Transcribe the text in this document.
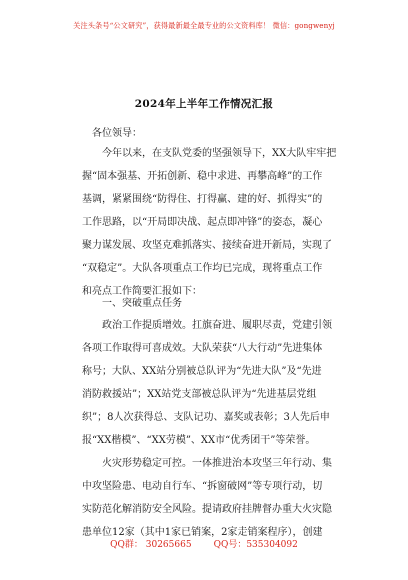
关注头条号“公文研究”，获得最新最全最专业的公文资料库！ 微信：gongwenyj
2024年上半年工作情况汇报
各位领导：
今年以来，在支队党委的坚强领导下，XX大队牢牢把
握“固本强基、开拓创新、稳中求进、再攀高峰”的工作
基调，紧紧围绕“防得住、打得赢、建的好、抓得实”的
工作思路，以“开局即决战、起点即冲锋”的姿态，凝心
聚力谋发展、攻坚克难抓落实、接续奋进开新局，实现了
“双稳定”。大队各项重点工作均已完成，现将重点工作
和亮点工作简要汇报如下：
一、突破重点任务
政治工作提质增效。扛旗奋进、履职尽责，党建引领
各项工作取得可喜成效。大队荣获“八大行动”先进集体
称号；大队、XX站分别被总队评为“先进大队”及“先进
消防救援站”；XX站党支部被总队评为“先进基层党组
织”；8人次获得总、支队记功、嘉奖或表彰；3人先后申
报“XX楷模”、“XX劳模”、XX市“优秀团干”等荣誉。
火灾形势稳定可控。一体推进治本攻坚三年行动、集
中攻坚险患、电动自行车、“拆窗破网”等专项行动，切
实防范化解消防安全风险。提请政府挂牌督办重大火灾隐
患单位12家（其中1家已销案，2家走销案程序），创建
QQ群： 30265665 QQ号：535304092
